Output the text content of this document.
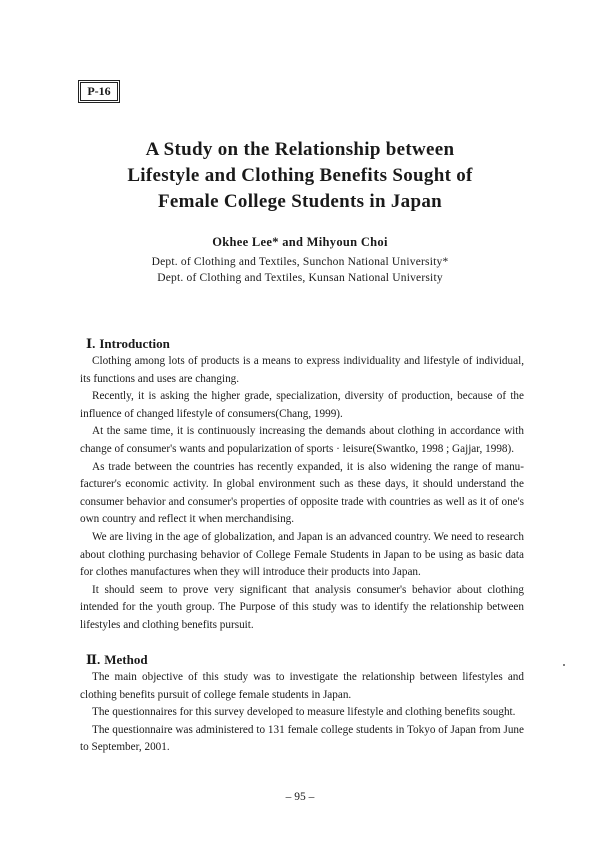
P-16
A Study on the Relationship between
Lifestyle and Clothing Benefits Sought of
Female College Students in Japan
Okhee Lee* and Mihyoun Choi
Dept. of Clothing and Textiles, Sunchon National University*
Dept. of Clothing and Textiles, Kunsan National University
Ⅰ. Introduction

Clothing among lots of products is a means to express individuality and lifestyle of individual, its functions and uses are changing.

Recently, it is asking the higher grade, specialization, diversity of production, because of the influence of changed lifestyle of consumers(Chang, 1999).

At the same time, it is continuously increasing the demands about clothing in accordance with change of consumer's wants and popularization of sports · leisure(Swantko, 1998 ; Gajjar, 1998).

As trade between the countries has recently expanded, it is also widening the range of manu-facturer's economic activity. In global environment such as these days, it should understand the consumer behavior and consumer's properties of opposite trade with countries as well as it of one's own country and reflect it when merchandising.

We are living in the age of globalization, and Japan is an advanced country. We need to research about clothing purchasing behavior of College Female Students in Japan to be using as basic data for clothes manufactures when they will introduce their products into Japan.

It should seem to prove very significant that analysis consumer's behavior about clothing intended for the youth group. The Purpose of this study was to identify the relationship between lifestyles and clothing benefits pursuit.

Ⅱ. Method

The main objective of this study was to investigate the relationship between lifestyles and clothing benefits pursuit of college female students in Japan.

The questionnaires for this survey developed to measure lifestyle and clothing benefits sought.

The questionnaire was administered to 131 female college students in Tokyo of Japan from June to September, 2001.

– 95 –
